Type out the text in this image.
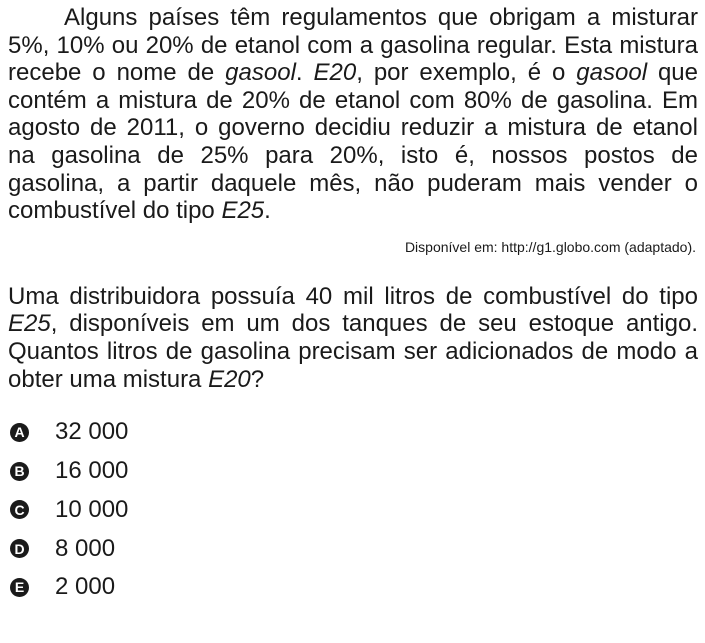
Alguns países têm regulamentos que obrigam a misturar 5%, 10% ou 20% de etanol com a gasolina regular. Esta mistura recebe o nome de gasool. E20, por exemplo, é o gasool que contém a mistura de 20% de etanol com 80% de gasolina. Em agosto de 2011, o governo decidiu reduzir a mistura de etanol na gasolina de 25% para 20%, isto é, nossos postos de gasolina, a partir daquele mês, não puderam mais vender o combustível do tipo E25.

Disponível em: http://g1.globo.com (adaptado).

Uma distribuidora possuía 40 mil litros de combustível do tipo E25, disponíveis em um dos tanques de seu estoque antigo. Quantos litros de gasolina precisam ser adicionados de modo a obter uma mistura E20?

A 32 000
B 16 000
C 10 000
D 8 000
E 2 000
